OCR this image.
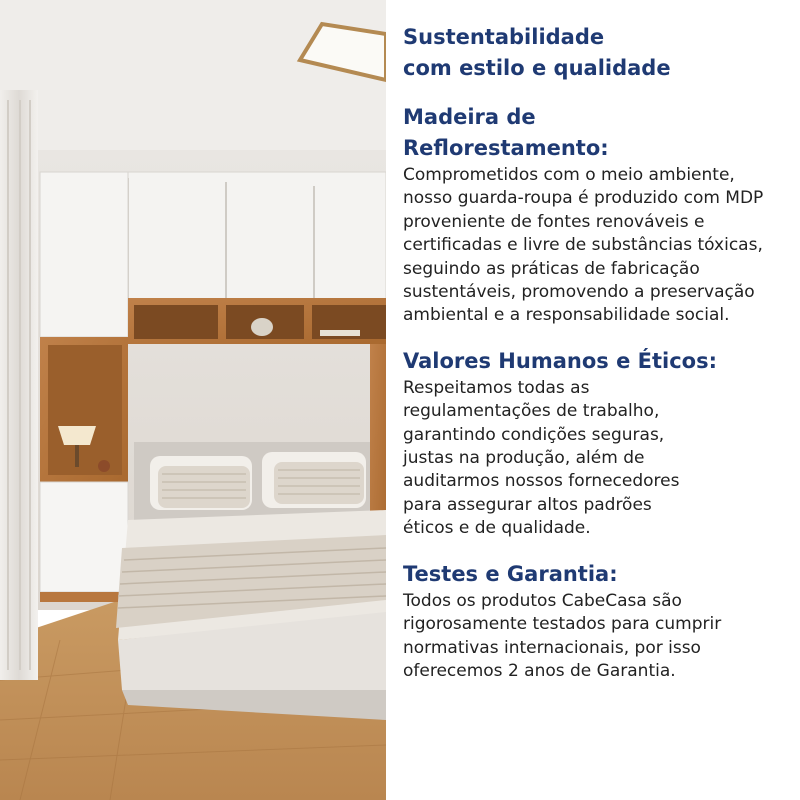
Sustentabilidade
com estilo e qualidade
Madeira de Reflorestamento:

Comprometidos com o meio ambiente, nosso guarda-roupa é produzido com MDP proveniente de fontes renováveis e certificadas e livre de substâncias tóxicas, seguindo as práticas de fabricação sustentáveis, promovendo a preservação ambiental e a responsabilidade social.

Valores Humanos e Éticos:

Respeitamos todas as regulamentações de trabalho, garantindo condições seguras, justas na produção, além de auditarmos nossos fornecedores para assegurar altos padrões éticos e de qualidade.

Testes e Garantia:

Todos os produtos CabeCasa são rigorosamente testados para cumprir normativas internacionais, por isso oferecemos 2 anos de Garantia.
